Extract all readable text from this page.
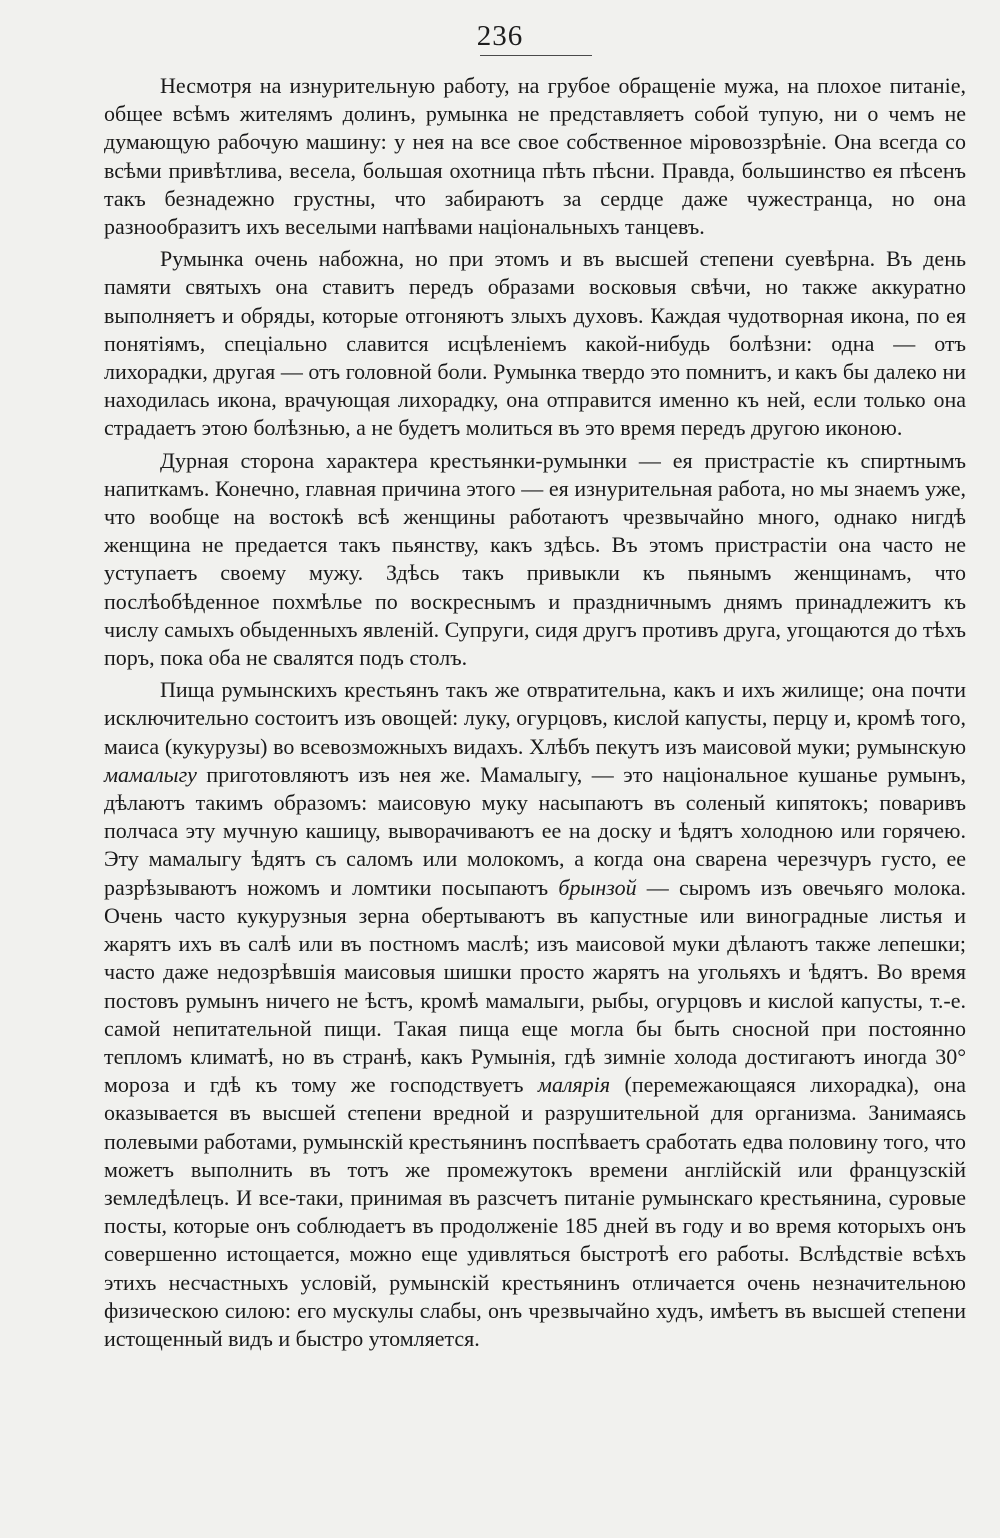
236

Несмотря на изнурительную работу, на грубое обращеніе мужа, на плохое питаніе, общее всѣмъ жителямъ долинъ, румынка не представляетъ собой тупую, ни о чемъ не думающую рабочую машину: у нея на все свое собственное міровоззрѣніе. Она всегда со всѣми привѣтлива, весела, большая охотница пѣть пѣсни. Правда, большинство ея пѣсенъ такъ безнадежно грустны, что забираютъ за сердце даже чужестранца, но она разнообразитъ ихъ веселыми напѣвами національныхъ танцевъ.

Румынка очень набожна, но при этомъ и въ высшей степени суевѣрна. Въ день памяти святыхъ она ставитъ передъ образами восковыя свѣчи, но также аккуратно выполняетъ и обряды, которые отгоняютъ злыхъ духовъ. Каждая чудотворная икона, по ея понятіямъ, спеціально славится исцѣленіемъ какой-нибудь болѣзни: одна — отъ лихорадки, другая — отъ головной боли. Румынка твердо это помнитъ, и какъ бы далеко ни находилась икона, врачующая лихорадку, она отправится именно къ ней, если только она страдаетъ этою болѣзнью, а не будетъ молиться въ это время передъ другою иконою.

Дурная сторона характера крестьянки-румынки — ея пристрастіе къ спиртнымъ напиткамъ. Конечно, главная причина этого — ея изнурительная работа, но мы знаемъ уже, что вообще на востокѣ всѣ женщины работаютъ чрезвычайно много, однако нигдѣ женщина не предается такъ пьянству, какъ здѣсь. Въ этомъ пристрастіи она часто не уступаетъ своему мужу. Здѣсь такъ привыкли къ пьянымъ женщинамъ, что послѣобѣденное похмѣлье по воскреснымъ и праздничнымъ днямъ принадлежитъ къ числу самыхъ обыденныхъ явленій. Супруги, сидя другъ противъ друга, угощаются до тѣхъ поръ, пока оба не свалятся подъ столъ.

Пища румынскихъ крестьянъ такъ же отвратительна, какъ и ихъ жилище; она почти исключительно состоитъ изъ овощей: луку, огурцовъ, кислой капусты, перцу и, кромѣ того, маиса (кукурузы) во всевозможныхъ видахъ. Хлѣбъ пекутъ изъ маисовой муки; румынскую мамалыгу приготовляютъ изъ нея же. Мамалыгу, — это національное кушанье румынъ, дѣлаютъ такимъ образомъ: маисовую муку насыпаютъ въ соленый кипятокъ; поваривъ полчаса эту мучную кашицу, выворачиваютъ ее на доску и ѣдятъ холодною или горячею. Эту мамалыгу ѣдятъ съ саломъ или молокомъ, а когда она сварена черезчуръ густо, ее разрѣзываютъ ножомъ и ломтики посыпаютъ брынзой — сыромъ изъ овечьяго молока. Очень часто кукурузныя зерна обертываютъ въ капустные или виноградные листья и жарятъ ихъ въ салѣ или въ постномъ маслѣ; изъ маисовой муки дѣлаютъ также лепешки; часто даже недозрѣвшія маисовыя шишки просто жарятъ на угольяхъ и ѣдятъ. Во время постовъ румынъ ничего не ѣстъ, кромѣ мамалыги, рыбы, огурцовъ и кислой капусты, т.-е. самой непитательной пищи. Такая пища еще могла бы быть сносной при постоянно тепломъ климатѣ, но въ странѣ, какъ Румынія, гдѣ зимніе холода достигаютъ иногда 30° мороза и гдѣ къ тому же господствуетъ малярія (перемежающаяся лихорадка), она оказывается въ высшей степени вредной и разрушительной для организма. Занимаясь полевыми работами, румынскій крестьянинъ поспѣваетъ сработать едва половину того, что можетъ выполнить въ тотъ же промежутокъ времени англійскій или французскій земледѣлецъ. И все-таки, принимая въ разсчетъ питаніе румынскаго крестьянина, суровые посты, которые онъ соблюдаетъ въ продолженіе 185 дней въ году и во время которыхъ онъ совершенно истощается, можно еще удивляться быстротѣ его работы. Вслѣдствіе всѣхъ этихъ несчастныхъ условій, румынскій крестьянинъ отличается очень незначительною физическою силою: его мускулы слабы, онъ чрезвычайно худъ, имѣетъ въ высшей степени истощенный видъ и быстро утомляется.
